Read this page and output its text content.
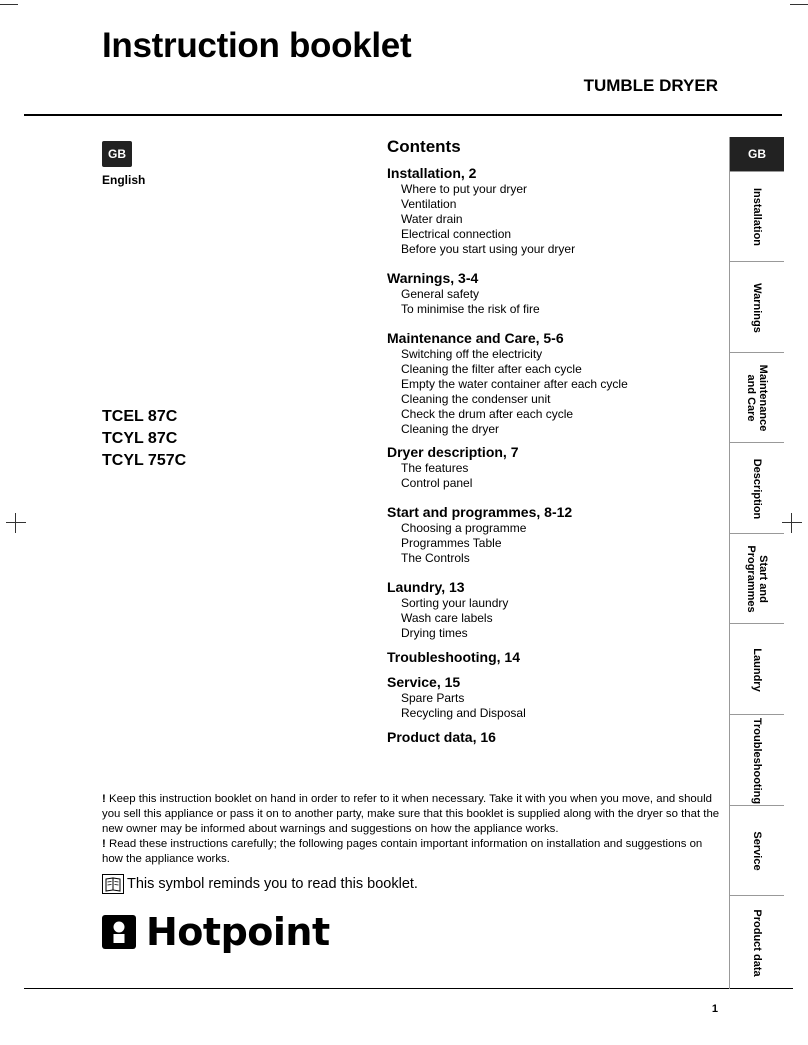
Instruction booklet
TUMBLE DRYER
GB
English
TCEL 87C
TCYL 87C
TCYL 757C
Contents
Installation, 2
Where to put your dryer
Ventilation
Water drain
Electrical connection
Before you start using your dryer
Warnings, 3-4
General safety
To minimise the risk of fire
Maintenance and Care, 5-6
Switching off the electricity
Cleaning the filter after each cycle
Empty the water container after each cycle
Cleaning the condenser unit
Check the drum after each cycle
Cleaning the dryer
Dryer description, 7
The features
Control panel
Start and programmes, 8-12
Choosing a programme
Programmes Table
The Controls
Laundry, 13
Sorting your laundry
Wash care labels
Drying times
Troubleshooting, 14
Service, 15
Spare Parts
Recycling and Disposal
Product data, 16

! Keep this instruction booklet on hand in order to refer to it when necessary. Take it with you when you move, and should you sell this appliance or pass it on to another party, make sure that this booklet is supplied along with the dryer so that the new owner may be informed about warnings and suggestions on how the appliance works.

! Read these instructions carefully; the following pages contain important information on installation and suggestions on how the appliance works.

This symbol reminds you to read this booklet.
Hotpoint
1
GB
Installation
Warnings
Maintenance
and Care
Description
Start and
Programmes
Laundry
Troubleshooting
Service
Product data
